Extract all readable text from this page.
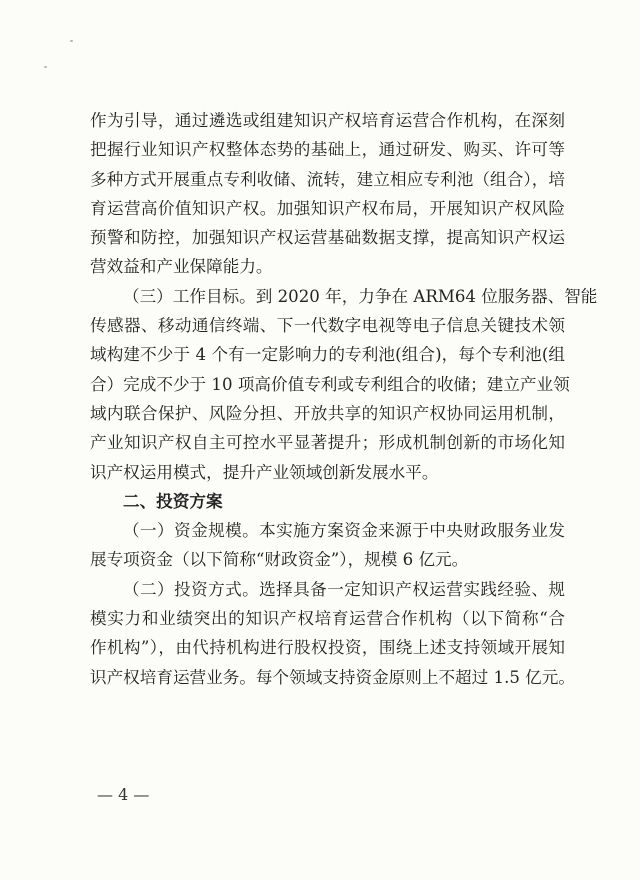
作为引导，通过遴选或组建知识产权培育运营合作机构，在深刻
把握行业知识产权整体态势的基础上，通过研发、购买、许可等
多种方式开展重点专利收储、流转，建立相应专利池（组合），培
育运营高价值知识产权。加强知识产权布局，开展知识产权风险
预警和防控，加强知识产权运营基础数据支撑，提高知识产权运
营效益和产业保障能力。
（三）工作目标。到 2020 年，力争在 ARM64 位服务器、智能
传感器、移动通信终端、下一代数字电视等电子信息关键技术领
域构建不少于 4 个有一定影响力的专利池(组合)，每个专利池(组
合）完成不少于 10 项高价值专利或专利组合的收储；建立产业领
域内联合保护、风险分担、开放共享的知识产权协同运用机制，
产业知识产权自主可控水平显著提升；形成机制创新的市场化知
识产权运用模式，提升产业领域创新发展水平。
二、投资方案
（一）资金规模。本实施方案资金来源于中央财政服务业发
展专项资金（以下简称“财政资金”），规模 6 亿元。
（二）投资方式。选择具备一定知识产权运营实践经验、规
模实力和业绩突出的知识产权培育运营合作机构（以下简称“合
作机构”），由代持机构进行股权投资，围绕上述支持领域开展知
识产权培育运营业务。每个领域支持资金原则上不超过 1.5 亿元。
— 4 —
